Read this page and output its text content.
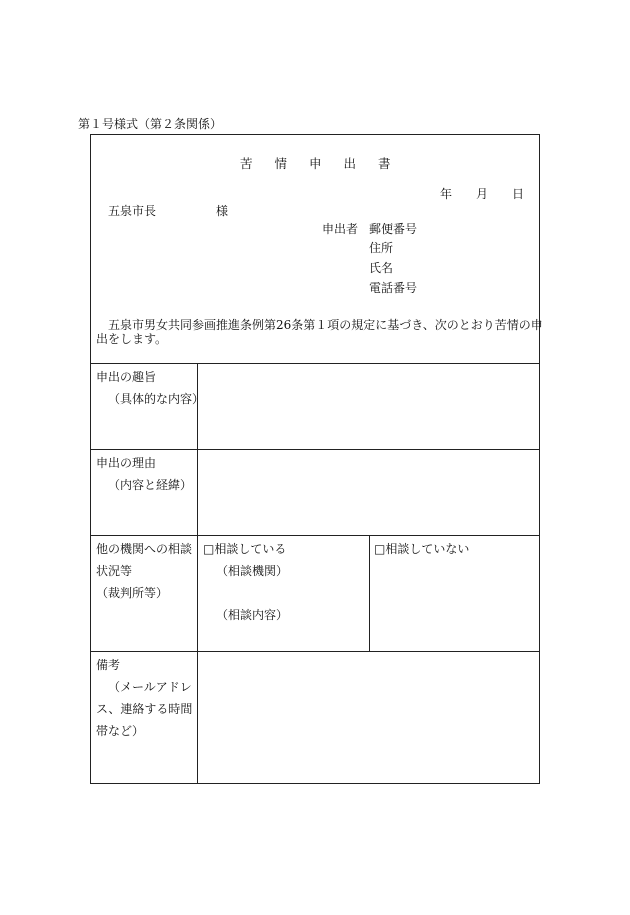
第１号様式（第２条関係）
苦情申出書
年 月 日
五泉市長	様
申出者 郵便番号
住所
氏名
電話番号
五泉市男女共同参画推進条例第26条第１項の規定に基づき、次のとおり苦情の申
出をします。
申出の趣旨
（具体的な内容）
申出の理由
（内容と経緯）
他の機関への相談
状況等
（裁判所等）
□相談している
（相談機関）
（相談内容）
□相談していない
備考
（メールアドレ
ス、連絡する時間
帯など）
